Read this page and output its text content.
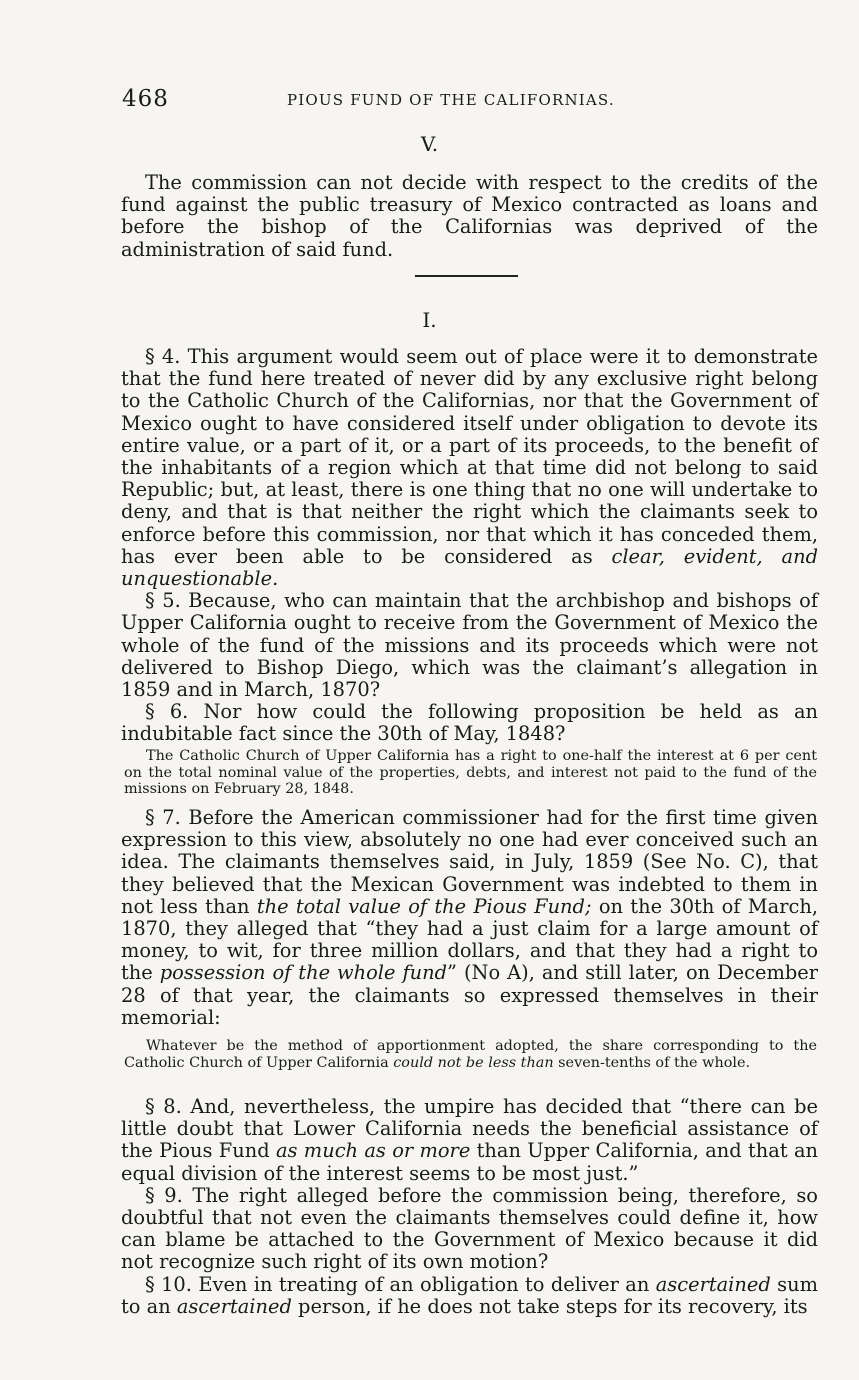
468	PIOUS FUND OF THE CALIFORNIAS.
V.

The commission can not decide with respect to the credits of the fund against the public treasury of Mexico contracted as loans and before the bishop of the Californias was deprived of the administration of said fund.

I.

§ 4. This argument would seem out of place were it to demonstrate that the fund here treated of never did by any exclusive right belong to the Catholic Church of the Californias, nor that the Government of Mexico ought to have considered itself under obligation to devote its entire value, or a part of it, or a part of its proceeds, to the benefit of the inhabitants of a region which at that time did not belong to said Republic; but, at least, there is one thing that no one will undertake to deny, and that is that neither the right which the claimants seek to enforce before this commission, nor that which it has conceded them, has ever been able to be considered as clear, evident, and unquestionable.

§ 5. Because, who can maintain that the archbishop and bishops of Upper California ought to receive from the Government of Mexico the whole of the fund of the missions and its proceeds which were not delivered to Bishop Diego, which was the claimant’s allegation in 1859 and in March, 1870?

§ 6. Nor how could the following proposition be held as an indubitable fact since the 30th of May, 1848?

The Catholic Church of Upper California has a right to one-half the interest at 6 per cent on the total nominal value of the properties, debts, and interest not paid to the fund of the missions on February 28, 1848.

§ 7. Before the American commissioner had for the first time given expression to this view, absolutely no one had ever conceived such an idea. The claimants themselves said, in July, 1859 (See No. C), that they believed that the Mexican Government was indebted to them in not less than the total value of the Pious Fund; on the 30th of March, 1870, they alleged that “they had a just claim for a large amount of money, to wit, for three million dollars, and that they had a right to the possession of the whole fund” (No A), and still later, on December 28 of that year, the claimants so expressed themselves in their memorial:

Whatever be the method of apportionment adopted, the share corresponding to the Catholic Church of Upper California could not be less than seven-tenths of the whole.

§ 8. And, nevertheless, the umpire has decided that “there can be little doubt that Lower California needs the beneficial assistance of the Pious Fund as much as or more than Upper California, and that an equal division of the interest seems to be most just.”

§ 9. The right alleged before the commission being, therefore, so doubtful that not even the claimants themselves could define it, how can blame be attached to the Government of Mexico because it did not recognize such right of its own motion?

§ 10. Even in treating of an obligation to deliver an ascertained sum to an ascertained person, if he does not take steps for its recovery, its
